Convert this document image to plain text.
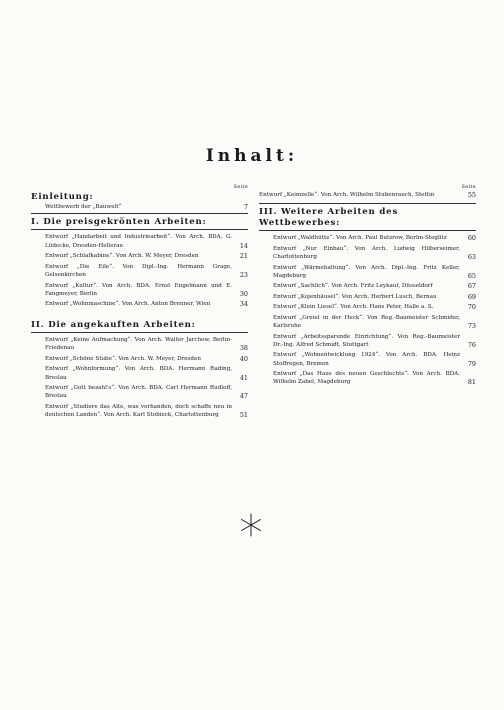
Inhalt:
Seite
Einleitung:
Wettbewerb der „Bauwelt“	7
I. Die preisgekrönten Arbeiten:
Entwurf „Handarbeit und Industriearbeit“. Von Arch. BDA. G. Lüdecke, Dresden-Hellerau	14
Entwurf „Schlafkabine“. Von Arch. W. Meyer, Dresden	21
Entwurf „Die Eile“. Von Dipl.-Ing. Hermann Grage, Gelsenkirchen	23
Entwurf „Kultur“. Von Arch. BDA. Ernst Engelmann und E. Fangmeyer, Berlin	30
Entwurf „Wohnmaschine“. Von Arch. Anton Brenner, Wien	34
II. Die angekauften Arbeiten:
Entwurf „Keine Aufmachung“. Von Arch. Walter Jarchow, Berlin-Friedenau	38
Entwurf „Schöne Stube“. Von Arch. W. Meyer, Dresden	40
Entwurf „Wohnformung“. Von Arch. BDA. Hermann Rading, Breslau	41
Entwurf „Gott bezahl's“. Von Arch. BDA. Carl Hermann Rudloff, Breslau	47
Entwurf „Studiere das Alte, was vorhanden, doch schaffe neu in deutschen Landen“. Von Arch. Karl Stobieck, Charlottenburg	51
Seite
Entwurf „Keimzelle“. Von Arch. Wilhelm Stubenrauch, Stettin	55
III. Weitere Arbeiten des Wettbewerbes:
Entwurf „Waldhütte“. Von Arch. Paul Butzrow, Berlin-Steglitz	60
Entwurf „Nur Einbau“. Von Arch. Ludwig Hilberseimer, Charlottenburg	63
Entwurf „Wärmehaltung“. Von Arch. Dipl.-Ing. Fritz Keller, Magdeburg	65
Entwurf „Sachlich“. Von Arch. Fritz Leykauf, Düsseldorf	67
Entwurf „Kojenhäusel“. Von Arch. Herbert Lusch, Bernau	69
Entwurf „Klein Liesel“. Von Arch. Hans Peter, Halle a. S.	70
Entwurf „Greiel in der Heck“. Von Reg.-Baumeister Schmider, Karlsruhe	73
Entwurf „Arbeitssparende Einrichtung“. Von Reg.-Baumeister Dr.-Ing. Alfred Schmidt, Stuttgart	76
Entwurf „Wohnentwicklung 1924“. Von Arch. BDA. Heinz Stoffregen, Bremen	79
Entwurf „Das Haus des neuen Geschlechts“. Von Arch. BDA. Wilhelm Zabel, Magdeburg	81
